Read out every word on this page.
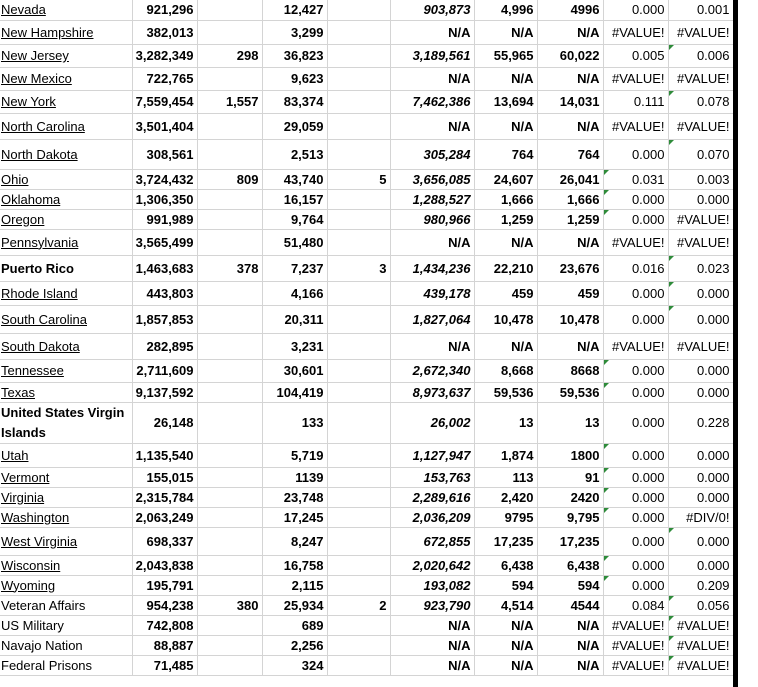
Nevada	921,296		12,427		903,873	4,996	4996	0.000	0.001
New Hampshire	382,013		3,299		N/A	N/A	N/A	#VALUE!	#VALUE!
New Jersey	3,282,349	298	36,823		3,189,561	55,965	60,022	0.005	0.006
New Mexico	722,765		9,623		N/A	N/A	N/A	#VALUE!	#VALUE!
New York	7,559,454	1,557	83,374		7,462,386	13,694	14,031	0.111	0.078
North Carolina	3,501,404		29,059		N/A	N/A	N/A	#VALUE!	#VALUE!
North Dakota	308,561		2,513		305,284	764	764	0.000	0.070
Ohio	3,724,432	809	43,740	5	3,656,085	24,607	26,041	0.031	0.003
Oklahoma	1,306,350		16,157		1,288,527	1,666	1,666	0.000	0.000
Oregon	991,989		9,764		980,966	1,259	1,259	0.000	#VALUE!
Pennsylvania	3,565,499		51,480		N/A	N/A	N/A	#VALUE!	#VALUE!
Puerto Rico	1,463,683	378	7,237	3	1,434,236	22,210	23,676	0.016	0.023
Rhode Island	443,803		4,166		439,178	459	459	0.000	0.000
South Carolina	1,857,853		20,311		1,827,064	10,478	10,478	0.000	0.000
South Dakota	282,895		3,231		N/A	N/A	N/A	#VALUE!	#VALUE!
Tennessee	2,711,609		30,601		2,672,340	8,668	8668	0.000	0.000
Texas	9,137,592		104,419		8,973,637	59,536	59,536	0.000	0.000
United States Virgin Islands	26,148		133		26,002	13	13	0.000	0.228
Utah	1,135,540		5,719		1,127,947	1,874	1800	0.000	0.000
Vermont	155,015		1139		153,763	113	91	0.000	0.000
Virginia	2,315,784		23,748		2,289,616	2,420	2420	0.000	0.000
Washington	2,063,249		17,245		2,036,209	9795	9,795	0.000	#DIV/0!
West Virginia	698,337		8,247		672,855	17,235	17,235	0.000	0.000
Wisconsin	2,043,838		16,758		2,020,642	6,438	6,438	0.000	0.000
Wyoming	195,791		2,115		193,082	594	594	0.000	0.209
Veteran Affairs	954,238	380	25,934	2	923,790	4,514	4544	0.084	0.056
US Military	742,808		689		N/A	N/A	N/A	#VALUE!	#VALUE!
Navajo Nation	88,887		2,256		N/A	N/A	N/A	#VALUE!	#VALUE!
Federal Prisons	71,485		324		N/A	N/A	N/A	#VALUE!	#VALUE!
